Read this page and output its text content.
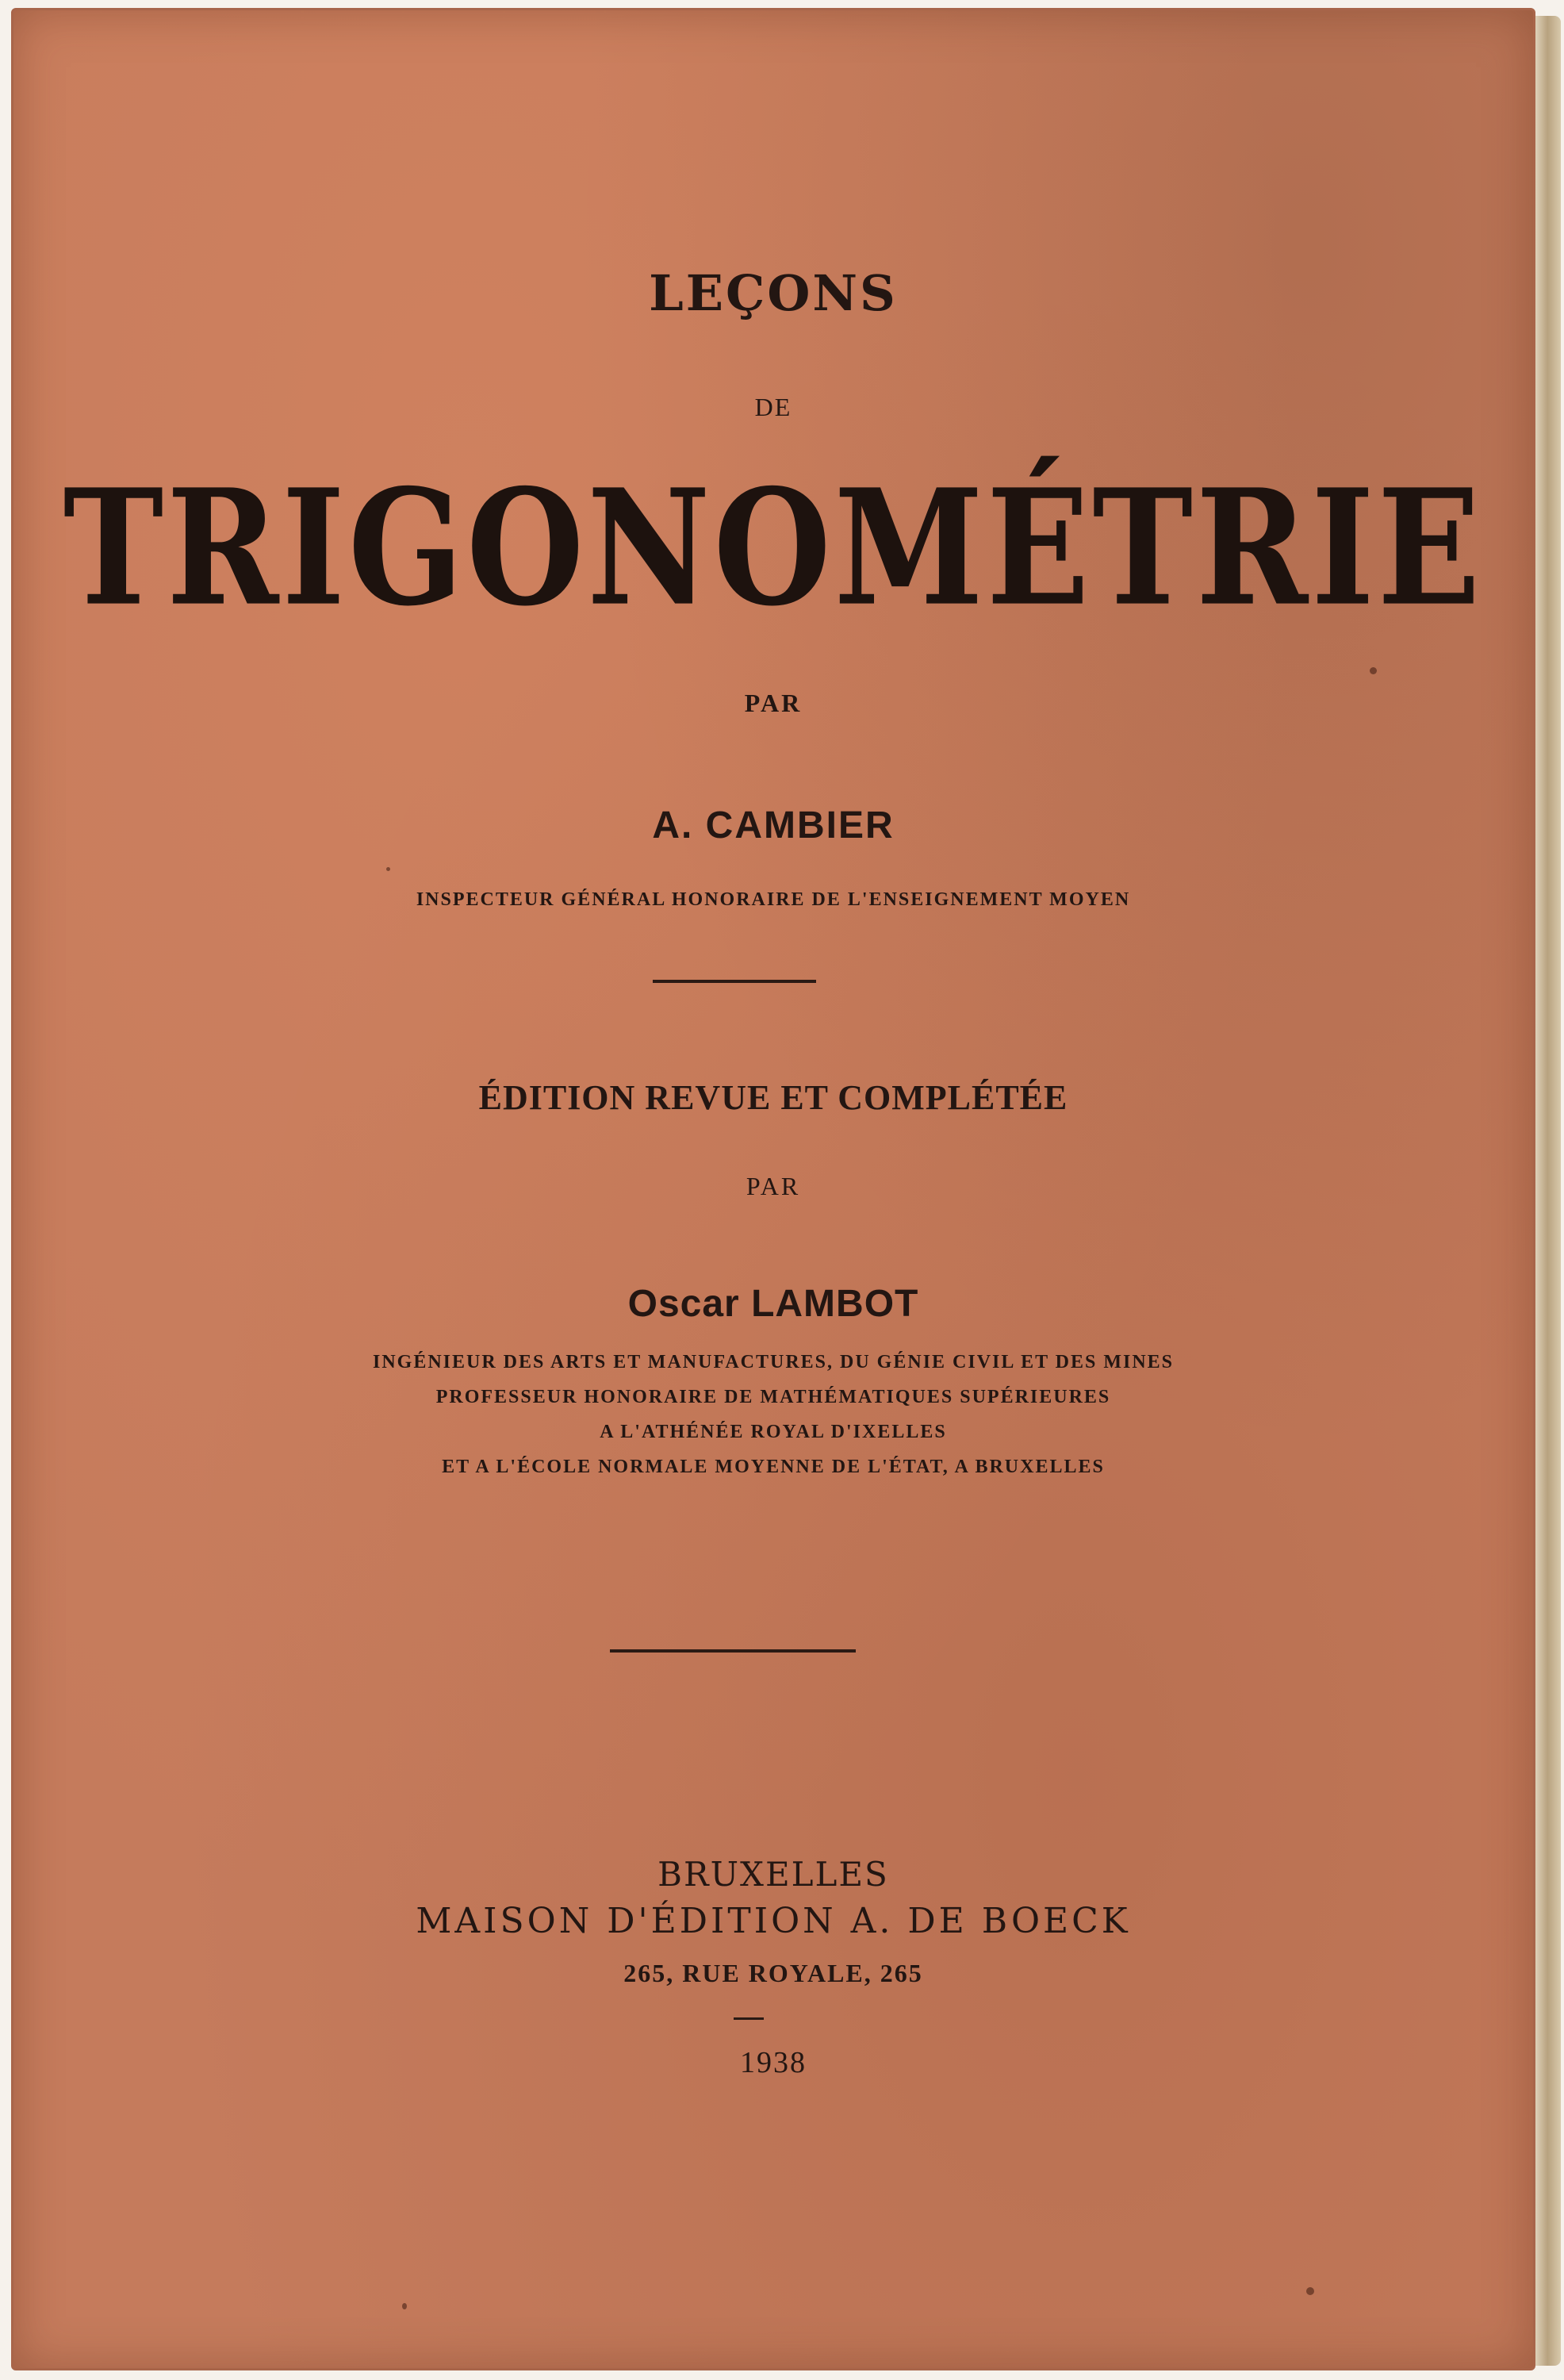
LEÇONS
DE
TRIGONOMÉTRIE
PAR
A. CAMBIER
INSPECTEUR GÉNÉRAL HONORAIRE DE L'ENSEIGNEMENT MOYEN
ÉDITION REVUE ET COMPLÉTÉE
PAR
Oscar LAMBOT
INGÉNIEUR DES ARTS ET MANUFACTURES, DU GÉNIE CIVIL ET DES MINES
PROFESSEUR HONORAIRE DE MATHÉMATIQUES SUPÉRIEURES
A L'ATHÉNÉE ROYAL D'IXELLES
ET A L'ÉCOLE NORMALE MOYENNE DE L'ÉTAT, A BRUXELLES
BRUXELLES
MAISON D'ÉDITION A. DE BOECK
265, RUE ROYALE, 265
1938
